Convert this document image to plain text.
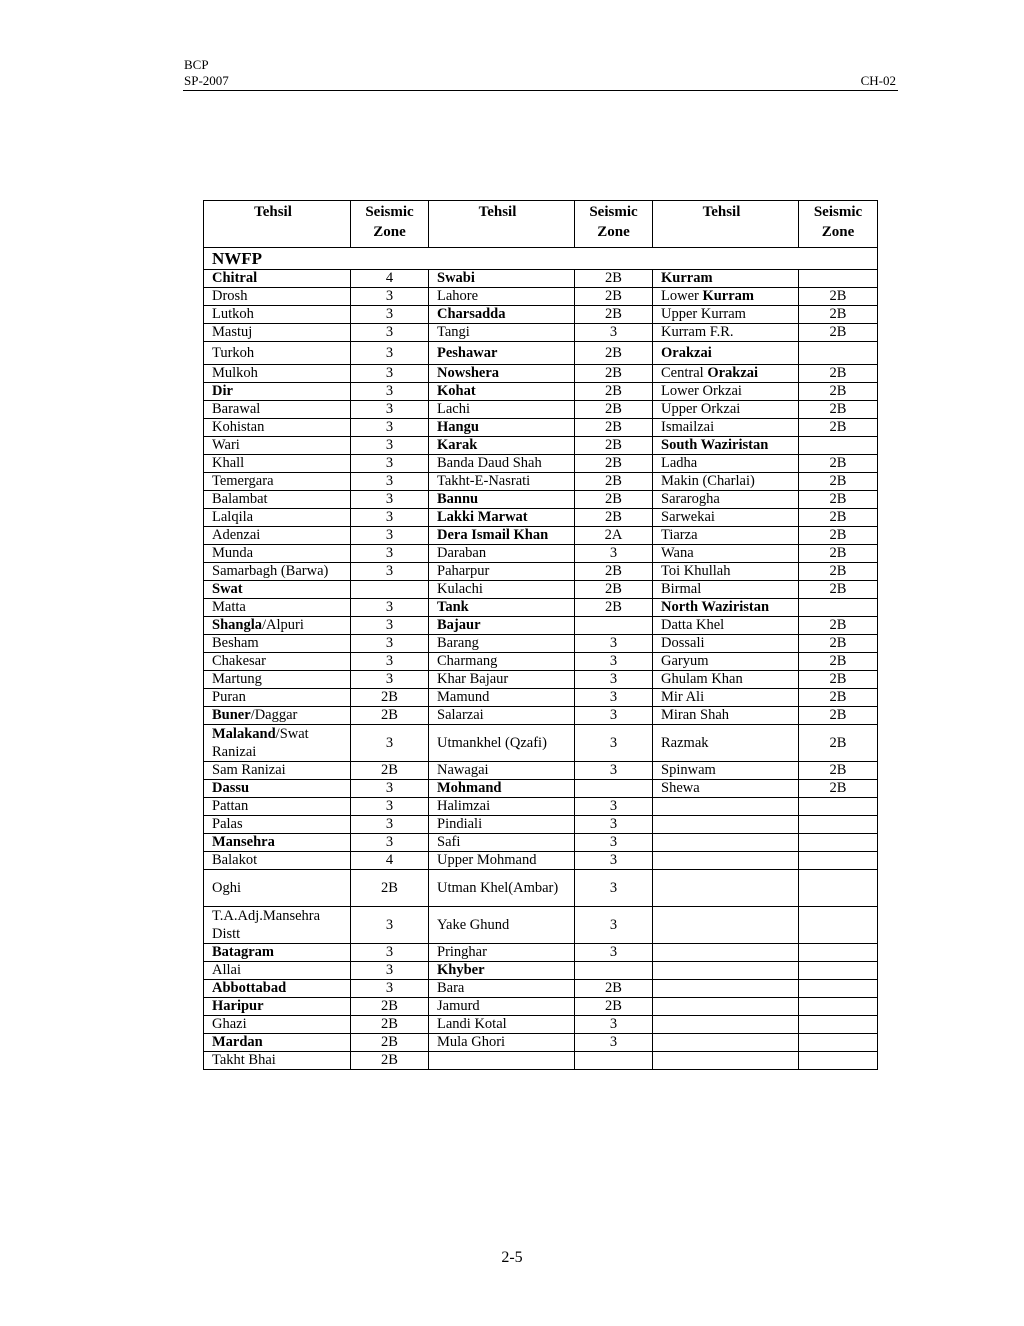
BCP
SP-2007	CH-02
Tehsil	Seismic Zone	Tehsil	Seismic Zone	Tehsil	Seismic Zone
NWFP					
Chitral	4	Swabi	2B	Kurram	
Drosh	3	Lahore	2B	Lower Kurram	2B
Lutkoh	3	Charsadda	2B	Upper Kurram	2B
Mastuj	3	Tangi	3	Kurram F.R.	2B
Turkoh	3	Peshawar	2B	Orakzai	
Mulkoh	3	Nowshera	2B	Central Orakzai	2B
Dir	3	Kohat	2B	Lower Orkzai	2B
Barawal	3	Lachi	2B	Upper Orkzai	2B
Kohistan	3	Hangu	2B	Ismailzai	2B
Wari	3	Karak	2B	South Waziristan	
Khall	3	Banda Daud Shah	2B	Ladha	2B
Temergara	3	Takht-E-Nasrati	2B	Makin (Charlai)	2B
Balambat	3	Bannu	2B	Sararogha	2B
Lalqila	3	Lakki Marwat	2B	Sarwekai	2B
Adenzai	3	Dera Ismail Khan	2A	Tiarza	2B
Munda	3	Daraban	3	Wana	2B
Samarbagh (Barwa)	3	Paharpur	2B	Toi Khullah	2B
Swat		Kulachi	2B	Birmal	2B
Matta	3	Tank	2B	North Waziristan	
Shangla/Alpuri	3	Bajaur		Datta Khel	2B
Besham	3	Barang	3	Dossali	2B
Chakesar	3	Charmang	3	Garyum	2B
Martung	3	Khar Bajaur	3	Ghulam Khan	2B
Puran	2B	Mamund	3	Mir Ali	2B
Buner/Daggar	2B	Salarzai	3	Miran Shah	2B
Malakand/Swat Ranizai	3	Utmankhel (Qzafi)	3	Razmak	2B
Sam Ranizai	2B	Nawagai	3	Spinwam	2B
Dassu	3	Mohmand		Shewa	2B
Pattan	3	Halimzai	3		
Palas	3	Pindiali	3		
Mansehra	3	Safi	3		
Balakot	4	Upper Mohmand	3		
Oghi	2B	Utman Khel(Ambar)	3		
T.A.Adj.Mansehra Distt	3	Yake Ghund	3		
Batagram	3	Pringhar	3		
Allai	3	Khyber			
Abbottabad	3	Bara	2B		
Haripur	2B	Jamurd	2B		
Ghazi	2B	Landi Kotal	3		
Mardan	2B	Mula Ghori	3		
Takht Bhai	2B				
2-5
